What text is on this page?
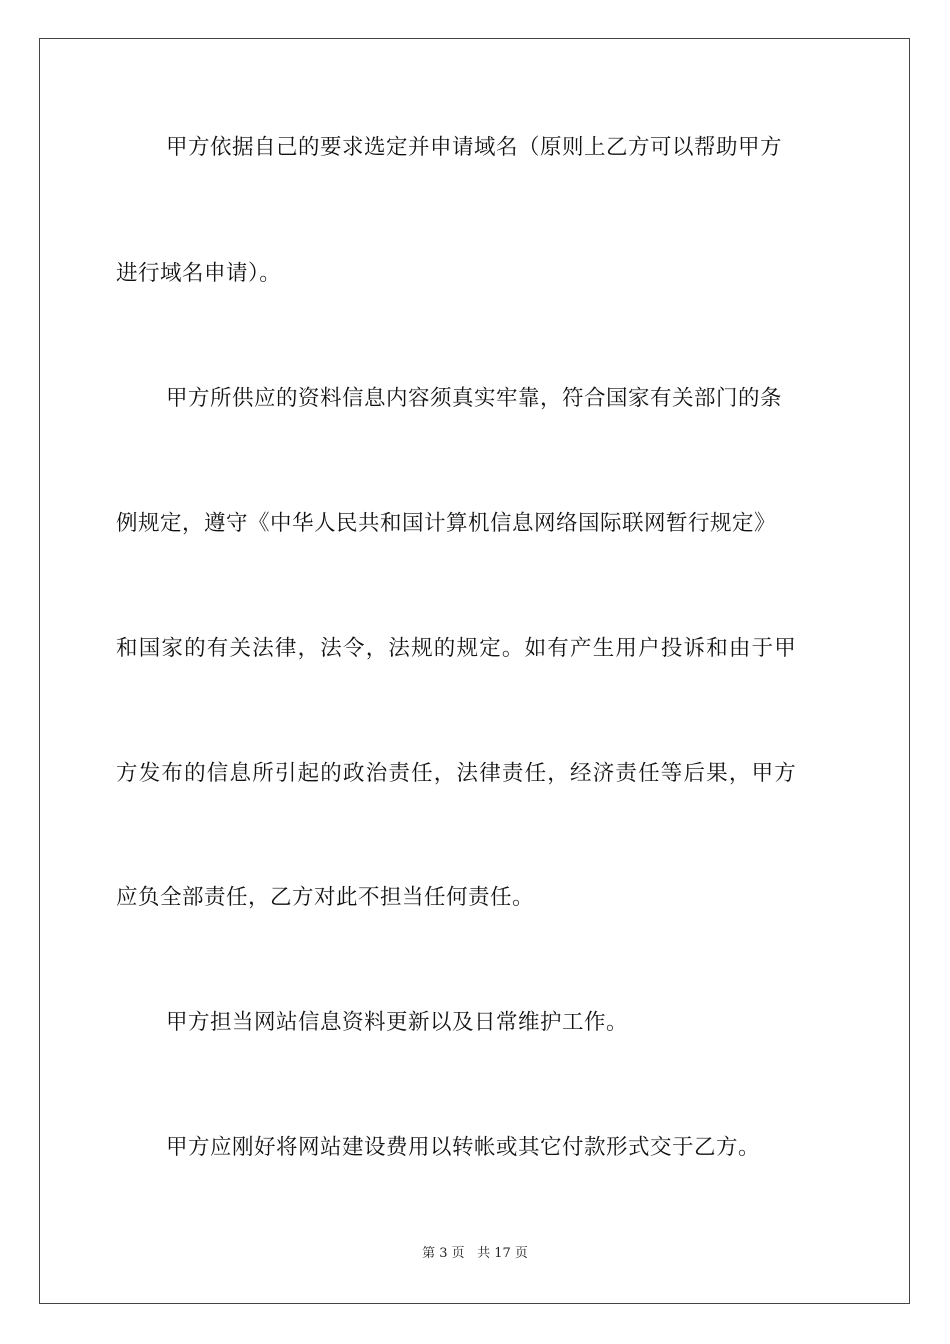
甲方依据自己的要求选定并申请域名（原则上乙方可以帮助甲方
进行域名申请）。
甲方所供应的资料信息内容须真实牢靠，符合国家有关部门的条
例规定，遵守《中华人民共和国计算机信息网络国际联网暂行规定》
和国家的有关法律，法令，法规的规定。如有产生用户投诉和由于甲
方发布的信息所引起的政治责任，法律责任，经济责任等后果，甲方
应负全部责任，乙方对此不担当任何责任。
甲方担当网站信息资料更新以及日常维护工作。
甲方应刚好将网站建设费用以转帐或其它付款形式交于乙方。
第 3 页 共 17 页
